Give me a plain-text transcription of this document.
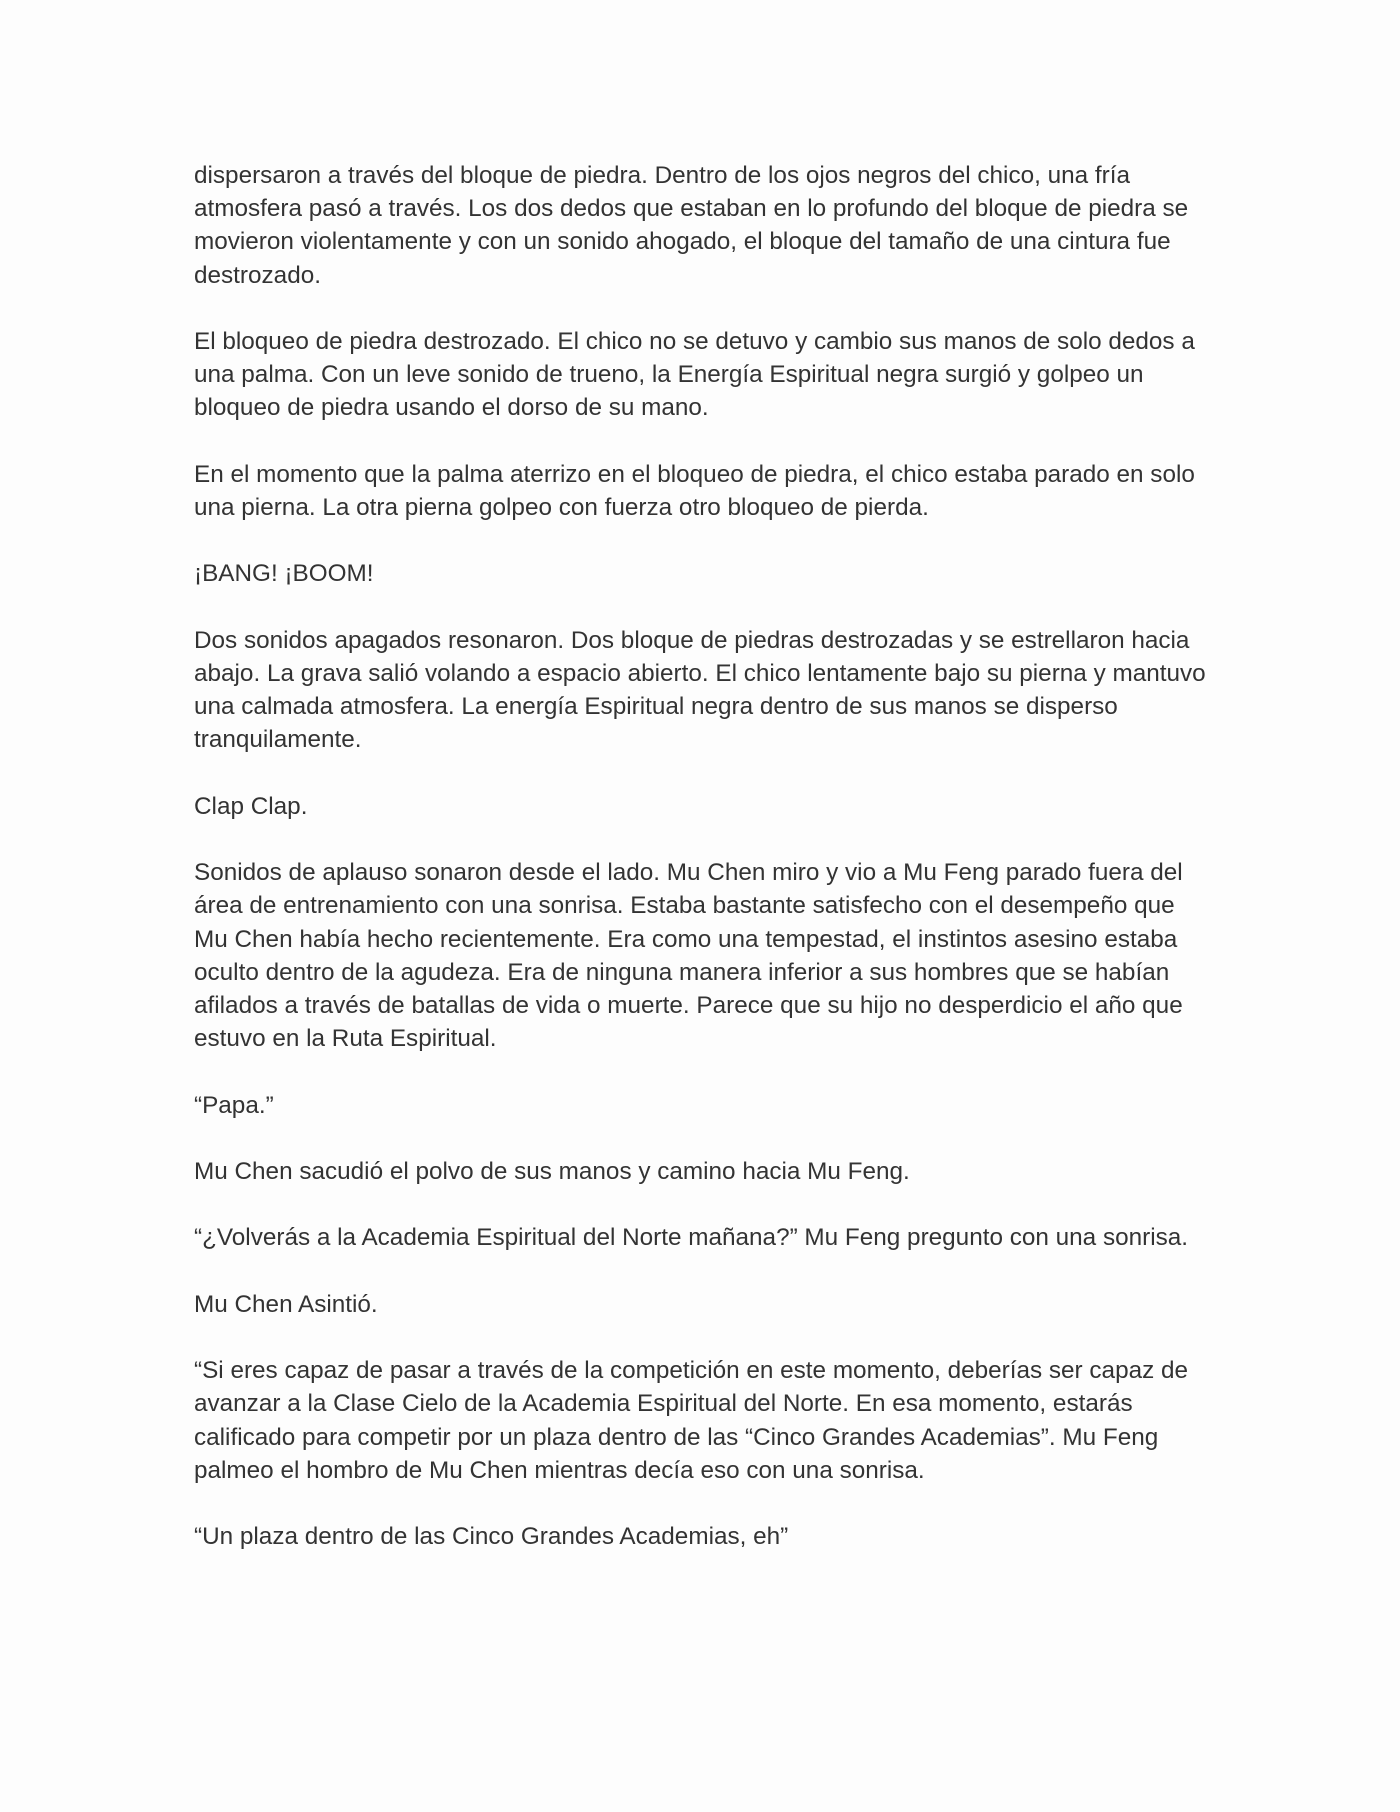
dispersaron a través del bloque de piedra. Dentro de los ojos negros del chico, una fría atmosfera pasó a través. Los dos dedos que estaban en lo profundo del bloque de piedra se movieron violentamente y con un sonido ahogado, el bloque del tamaño de una cintura fue destrozado.

El bloqueo de piedra destrozado. El chico no se detuvo y cambio sus manos de solo dedos a una palma. Con un leve sonido de trueno, la Energía Espiritual negra surgió y golpeo un bloqueo de piedra usando el dorso de su mano.

En el momento que la palma aterrizo en el bloqueo de piedra, el chico estaba parado en solo una pierna. La otra pierna golpeo con fuerza otro bloqueo de pierda.

¡BANG! ¡BOOM!

Dos sonidos apagados resonaron. Dos bloque de piedras destrozadas y se estrellaron hacia abajo. La grava salió volando a espacio abierto. El chico lentamente bajo su pierna y mantuvo una calmada atmosfera. La energía Espiritual negra dentro de sus manos se disperso tranquilamente.

Clap Clap.

Sonidos de aplauso sonaron desde el lado. Mu Chen miro y vio a Mu Feng parado fuera del área de entrenamiento con una sonrisa. Estaba bastante satisfecho con el desempeño que Mu Chen había hecho recientemente. Era como una tempestad, el instintos asesino estaba oculto dentro de la agudeza. Era de ninguna manera inferior a sus hombres que se habían afilados a través de batallas de vida o muerte. Parece que su hijo no desperdicio el año que estuvo en la Ruta Espiritual.

“Papa.”

Mu Chen sacudió el polvo de sus manos y camino hacia Mu Feng.

“¿Volverás a la Academia Espiritual del Norte mañana?” Mu Feng pregunto con una sonrisa.

Mu Chen Asintió.

“Si eres capaz de pasar a través de la competición en este momento, deberías ser capaz de avanzar a la Clase Cielo de la Academia Espiritual del Norte. En esa momento, estarás calificado para competir por un plaza dentro de las “Cinco Grandes Academias”. Mu Feng palmeo el hombro de Mu Chen mientras decía eso con una sonrisa.

“Un plaza dentro de las Cinco Grandes Academias, eh”
